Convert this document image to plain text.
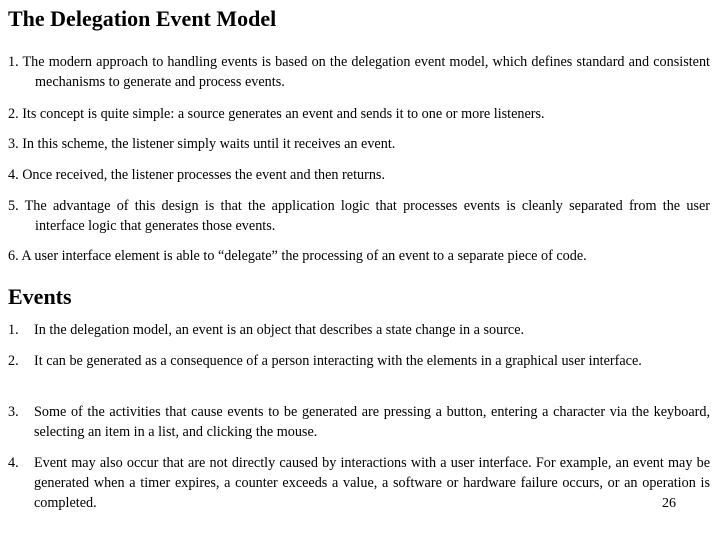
The Delegation Event Model

1. The modern approach to handling events is based on the delegation event model, which defines standard and consistent mechanisms to generate and process events.

2. Its concept is quite simple: a source generates an event and sends it to one or more listeners.

3. In this scheme, the listener simply waits until it receives an event.

4. Once received, the listener processes the event and then returns.

5. The advantage of this design is that the application logic that processes events is cleanly separated from the user interface logic that generates those events.

6. A user interface element is able to “delegate” the processing of an event to a separate piece of code.

Events
1. In the delegation model, an event is an object that describes a state change in a source.
2. It can be generated as a consequence of a person interacting with the elements in a graphical user interface.
3. Some of the activities that cause events to be generated are pressing a button, entering a character via the keyboard, selecting an item in a list, and clicking the mouse.
4. Event may also occur that are not directly caused by interactions with a user interface. For example, an event may be generated when a timer expires, a counter exceeds a value, a software or hardware failure occurs, or an operation is completed.	26
